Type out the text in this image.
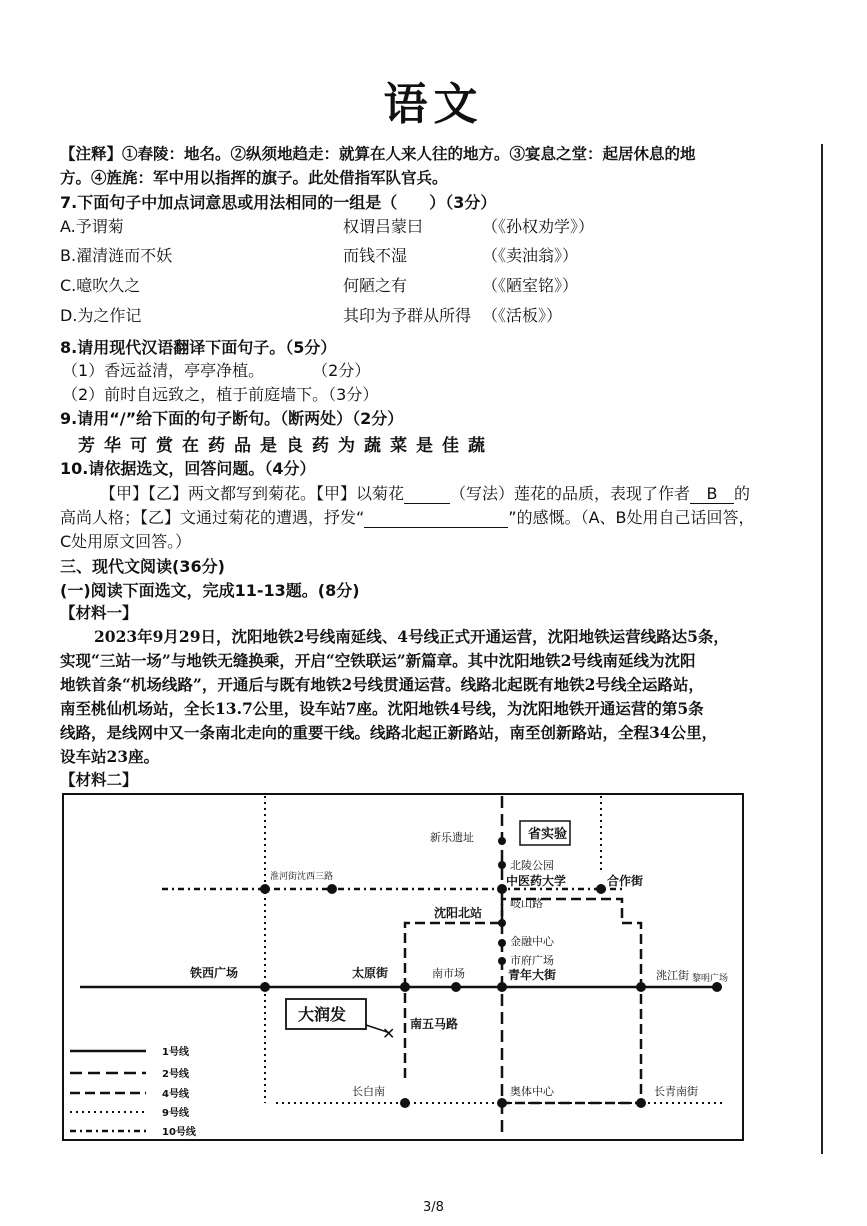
语文
【注释】①春陵：地名。②纵须地趋走：就算在人来人往的地方。③宴息之堂：起居休息的地
方。④旌旄：军中用以指挥的旗子。此处借指军队官兵。
7.下面句子中加点词意思或用法相同的一组是（　　）（3分）
A.予谓菊	权谓吕蒙曰	（《孙权劝学》）
B.濯清涟而不妖	而钱不湿	（《卖油翁》）
C.噫吹久之	何陋之有	（《陋室铭》）
D.为之作记	其印为予群从所得 （《活板》）
8.请用现代汉语翻译下面句子。（5分）
（1）香远益清，亭亭净植。　　　　（2分）
（2）前时自远致之，植于前庭墙下。（3分）
9.请用“/”给下面的句子断句。（断两处）（2分）
芳华可赏在药品是良药为蔬菜是佳蔬
10.请依据选文，回答问题。（4分）
【甲】【乙】两文都写到菊花。【甲】以菊花	（写法）莲花的品质，表现了作者 B 的
高尚人格；【乙】文通过菊花的遭遇，抒发“	”的感慨。（A、B处用自己话回答，
C处用原文回答。）
三、现代文阅读(36分)
(一)阅读下面选文，完成11-13题。(8分)
【材料一】
2023年9月29日，沈阳地铁2号线南延线、4号线正式开通运营，沈阳地铁运营线路达5条，
实现“三站一场”与地铁无缝换乘，开启“空铁联运”新篇章。其中沈阳地铁2号线南延线为沈阳
地铁首条“机场线路”，开通后与既有地铁2号线贯通运营。线路北起既有地铁2号线全运路站，
南至桃仙机场站，全长13.7公里，设车站7座。沈阳地铁4号线，为沈阳地铁开通运营的第5条
线路，是线网中又一条南北走向的重要干线。线路北起正新路站，南至创新路站，全程34公里，
设车站23座。
【材料二】
✕
新乐遗址	省实验
北陵公园
中医药大学	合作街
淮河街沈西三路
岐山路
沈阳北站
金融中心
市府广场
铁西广场	太原街	南市场	青年大街	洮江街 黎明广场
大润发	南五马路
长白南	奥体中心	长青南街
1号线
2号线
4号线
9号线
10号线
3/8
